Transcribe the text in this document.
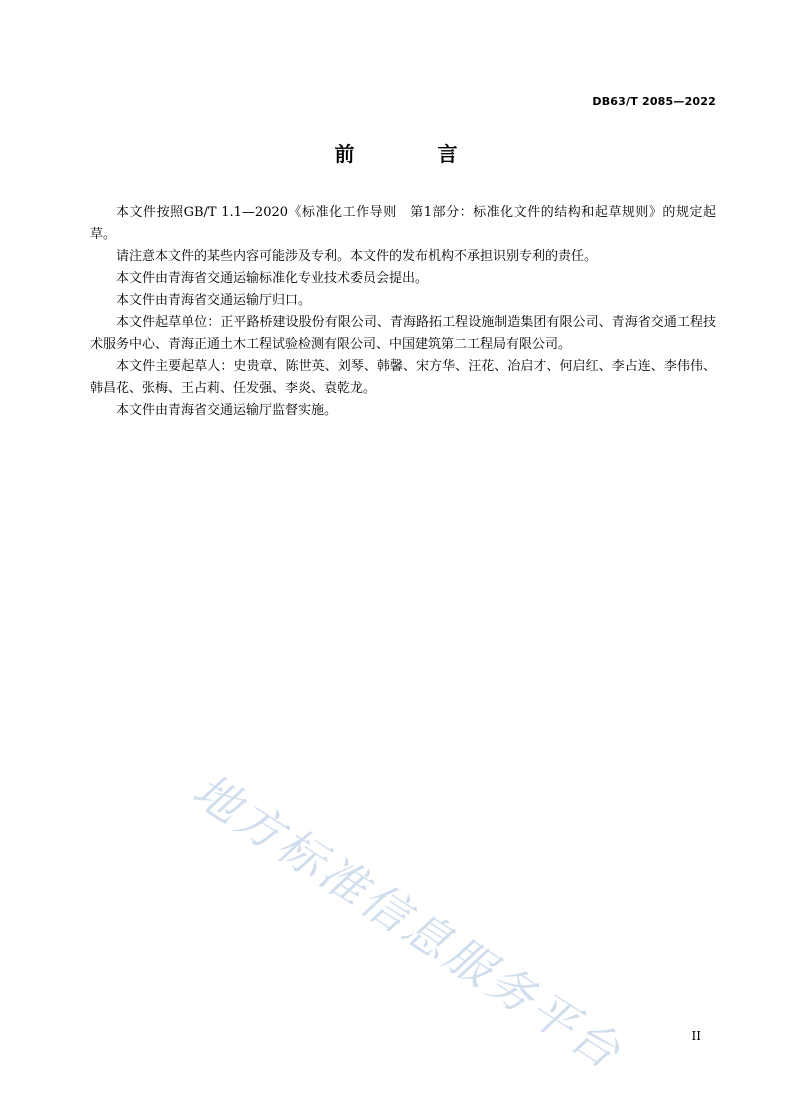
DB63/T 2085—2022
前 言

本文件按照GB/T 1.1—2020《标准化工作导则　第1部分：标准化文件的结构和起草规则》的规定起草。

请注意本文件的某些内容可能涉及专利。本文件的发布机构不承担识别专利的责任。

本文件由青海省交通运输标准化专业技术委员会提出。

本文件由青海省交通运输厅归口。

本文件起草单位：正平路桥建设股份有限公司、青海路拓工程设施制造集团有限公司、青海省交通工程技术服务中心、青海正通土木工程试验检测有限公司、中国建筑第二工程局有限公司。

本文件主要起草人：史贵章、陈世英、刘琴、韩馨、宋方华、汪花、冶启才、何启红、李占连、李伟伟、韩昌花、张梅、王占莉、任发强、李炎、袁乾龙。

本文件由青海省交通运输厅监督实施。

地方标准信息服务平台	II
